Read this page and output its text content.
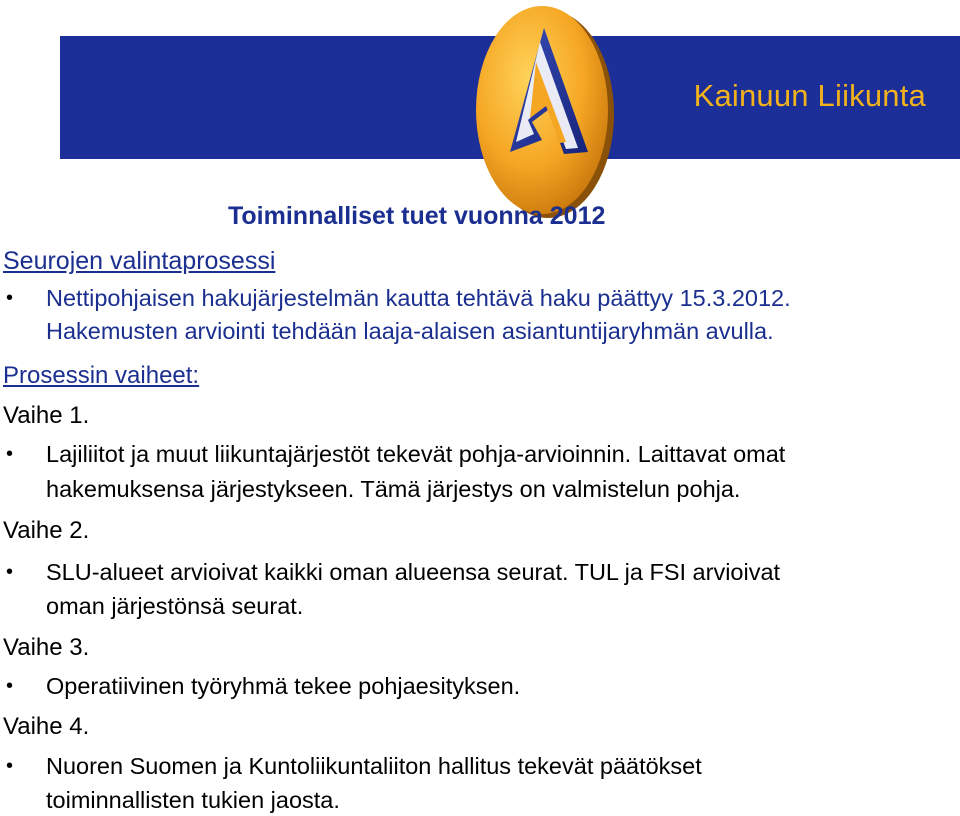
Kainuun Liikunta
Toiminnalliset tuet vuonna 2012
Seurojen valintaprosessi
• Nettipohjaisen hakujärjestelmän kautta tehtävä haku päättyy 15.3.2012.
Hakemusten arviointi tehdään laaja-alaisen asiantuntijaryhmän avulla.
Prosessin vaiheet:
Vaihe 1.
• Lajiliitot ja muut liikuntajärjestöt tekevät pohja-arvioinnin. Laittavat omat
hakemuksensa järjestykseen. Tämä järjestys on valmistelun pohja.
Vaihe 2.
• SLU-alueet arvioivat kaikki oman alueensa seurat. TUL ja FSI arvioivat
oman järjestönsä seurat.
Vaihe 3.
• Operatiivinen työryhmä tekee pohjaesityksen.
Vaihe 4.
• Nuoren Suomen ja Kuntoliikuntaliiton hallitus tekevät päätökset
toiminnallisten tukien jaosta.
